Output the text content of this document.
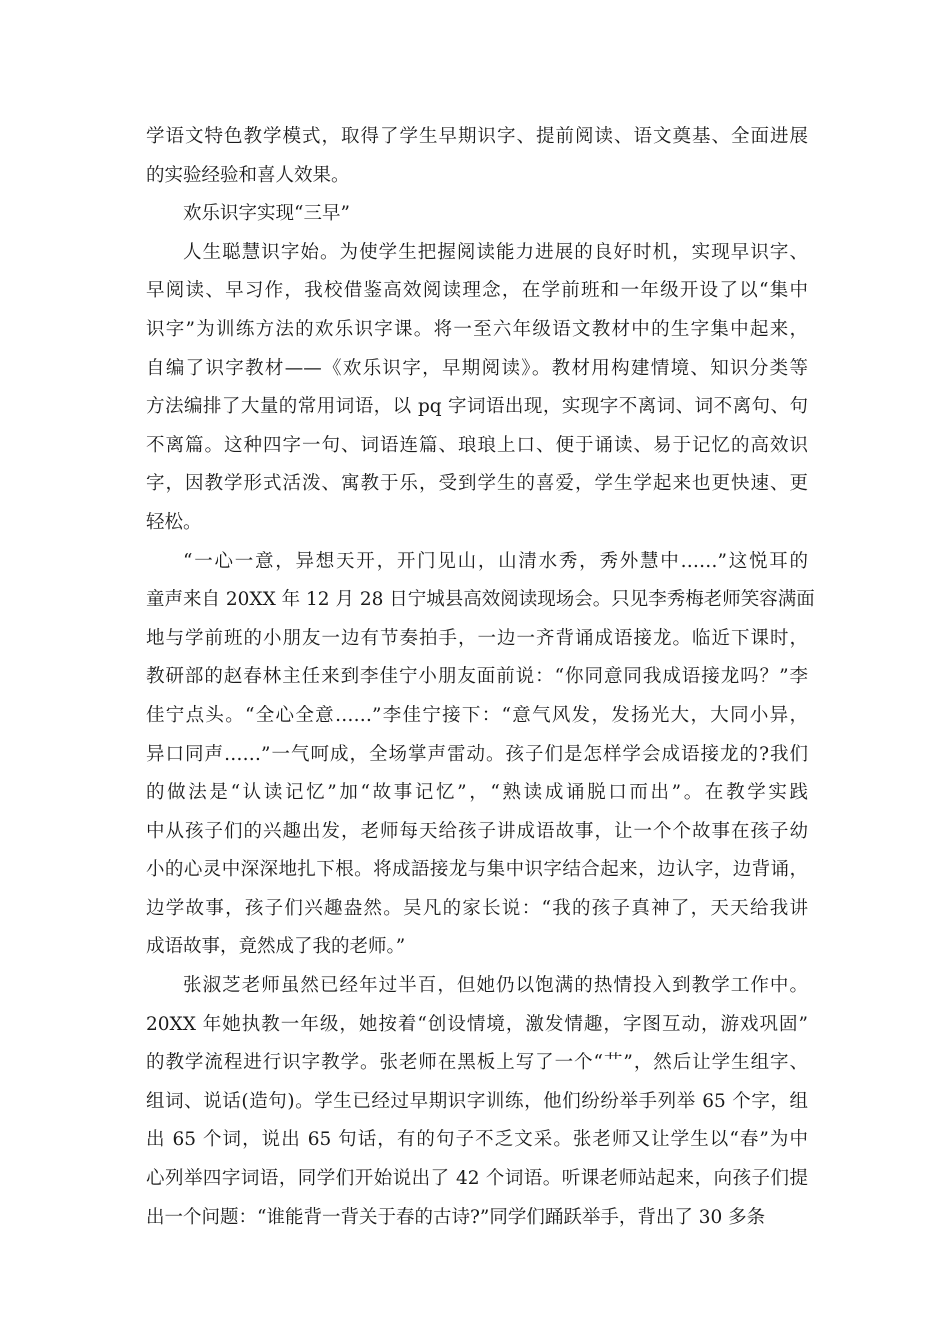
学语文特色教学模式，取得了学生早期识字、提前阅读、语文奠基、全面进展
的实验经验和喜人效果。
欢乐识字实现“三早”
人生聪慧识字始。为使学生把握阅读能力进展的良好时机，实现早识字、
早阅读、早习作，我校借鉴高效阅读理念，在学前班和一年级开设了以“集中
识字”为训练方法的欢乐识字课。将一至六年级语文教材中的生字集中起来，
自编了识字教材——《欢乐识字，早期阅读》。教材用构建情境、知识分类等
方法编排了大量的常用词语，以 pq 字词语出现，实现字不离词、词不离句、句
不离篇。这种四字一句、词语连篇、琅琅上口、便于诵读、易于记忆的高效识
字，因教学形式活泼、寓教于乐，受到学生的喜爱，学生学起来也更快速、更
轻松。
“一心一意，异想天开，开门见山，山清水秀，秀外慧中……”这悦耳的
童声来自 20XX 年 12 月 28 日宁城县高效阅读现场会。只见李秀梅老师笑容满面
地与学前班的小朋友一边有节奏拍手，一边一齐背诵成语接龙。临近下课时，
教研部的赵春林主任来到李佳宁小朋友面前说：“你同意同我成语接龙吗？”李
佳宁点头。“全心全意……”李佳宁接下：“意气风发，发扬光大，大同小异，
异口同声……”一气呵成，全场掌声雷动。孩子们是怎样学会成语接龙的?我们
的做法是“认读记忆”加“故事记忆”，“熟读成诵脱口而出”。在教学实践
中从孩子们的兴趣出发，老师每天给孩子讲成语故事，让一个个故事在孩子幼
小的心灵中深深地扎下根。将成語接龙与集中识字结合起来，边认字，边背诵，
边学故事，孩子们兴趣盎然。吴凡的家长说：“我的孩子真神了，天天给我讲
成语故事，竟然成了我的老师。”
张淑芝老师虽然已经年过半百，但她仍以饱满的热情投入到教学工作中。
20XX 年她执教一年级，她按着“创设情境，激发情趣，字图互动，游戏巩固”
的教学流程进行识字教学。张老师在黑板上写了一个“艹”，然后让学生组字、
组词、说话(造句)。学生已经过早期识字训练，他们纷纷举手列举 65 个字，组
出 65 个词，说出 65 句话，有的句子不乏文采。张老师又让学生以“春”为中
心列举四字词语，同学们开始说出了 42 个词语。听课老师站起来，向孩子们提
出一个问题：“谁能背一背关于春的古诗?”同学们踊跃举手，背出了 30 多条
